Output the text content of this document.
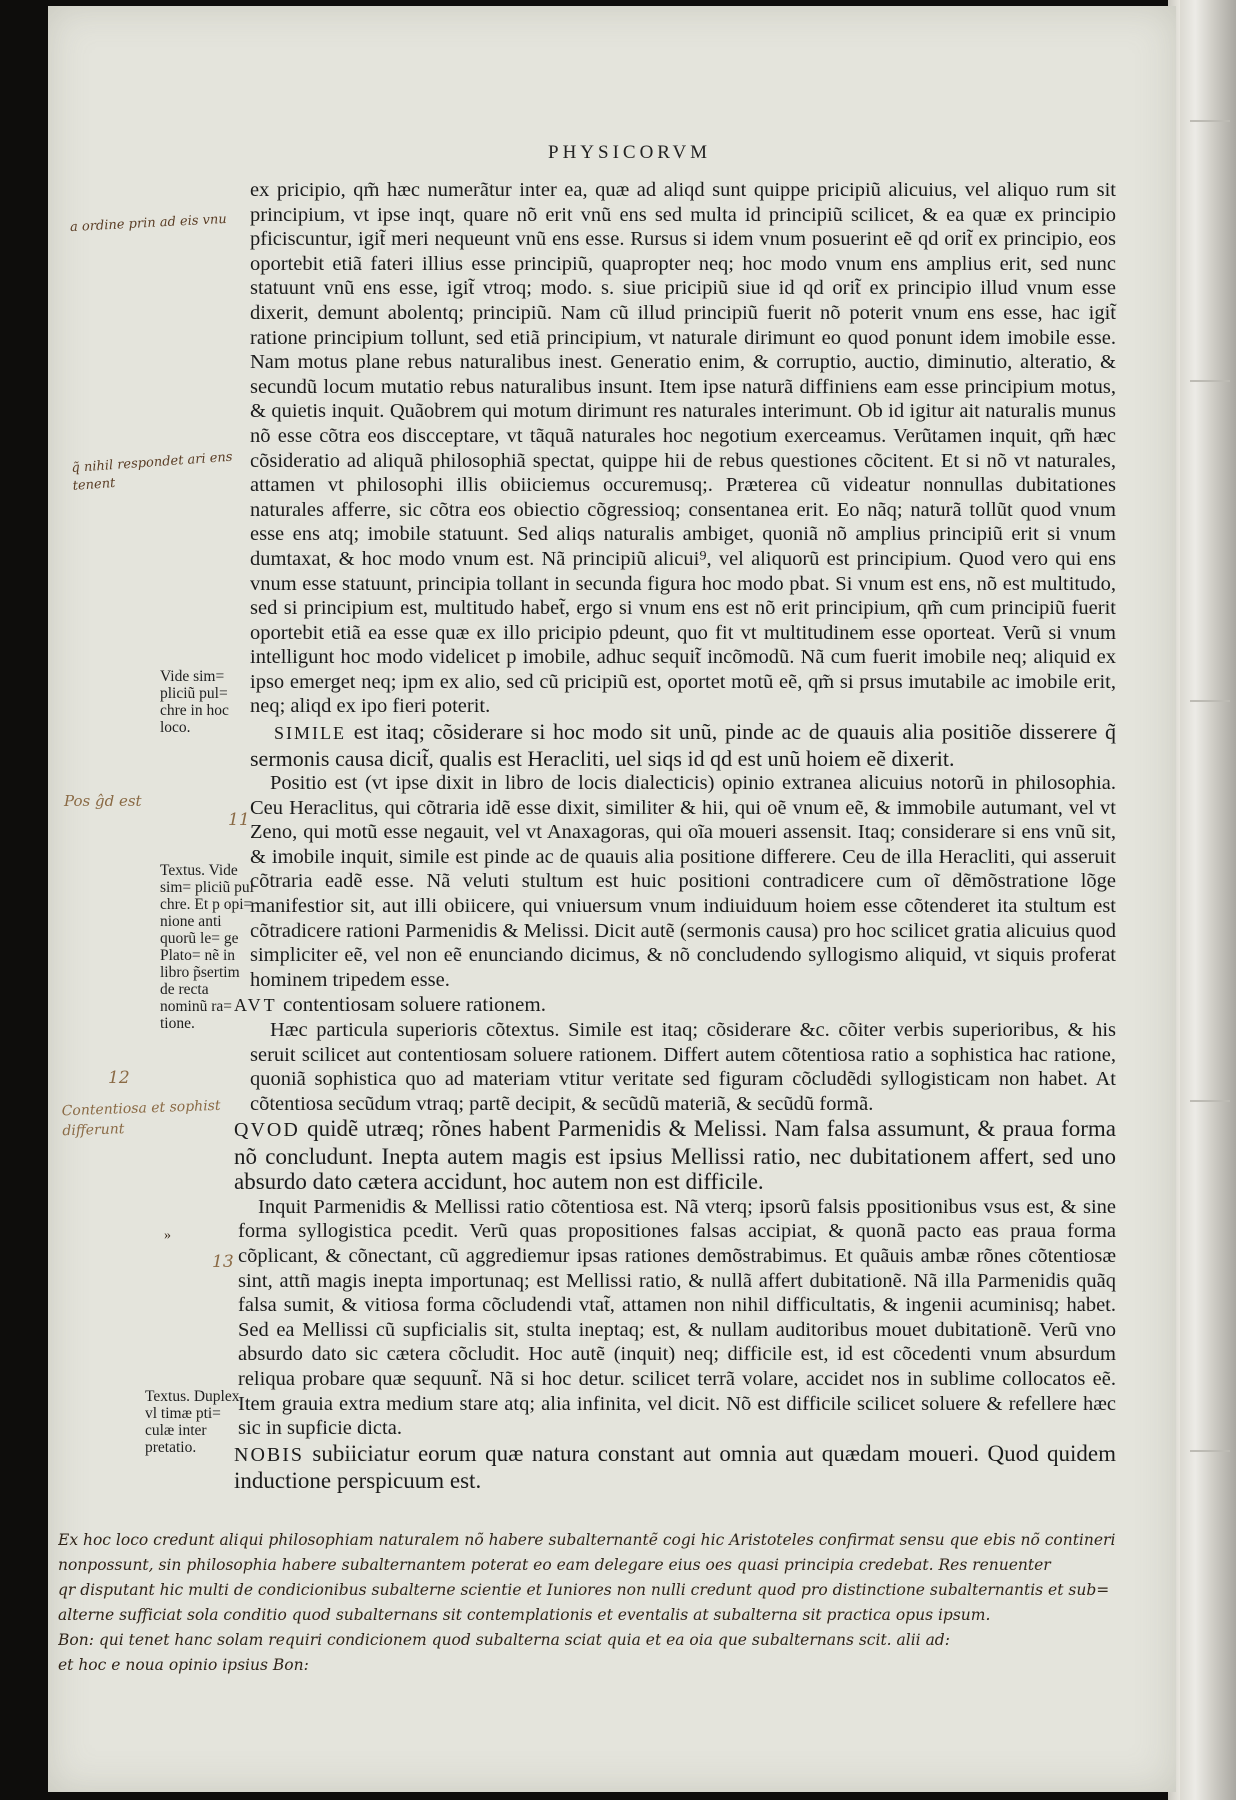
PHYSICORVM

ex pricipio, qm̃ hæc numerãtur inter ea, quæ ad aliqd sunt quippe pricipiũ alicuius, vel aliquo rum sit principium, vt ipse inqt, quare nõ erit vnũ ens sed multa id principiũ scilicet, & ea quæ ex principio pficiscuntur, igit̃ meri nequeunt vnũ ens esse. Rursus si idem vnum posuerint eẽ qd orit̃ ex principio, eos oportebit etiã fateri illius esse principiũ, quapropter neq; hoc modo vnum ens amplius erit, sed nunc statuunt vnũ ens esse, igit̃ vtroq; modo. s. siue pricipiũ siue id qd orit̃ ex principio illud vnum esse dixerit, demunt abolentq; principiũ. Nam cũ illud principiũ fuerit nõ poterit vnum ens esse, hac igit̃ ratione principium tollunt, sed etiã principium, vt naturale dirimunt eo quod ponunt idem imobile esse. Nam motus plane rebus naturalibus inest. Generatio enim, & corruptio, auctio, diminutio, alteratio, & secundũ locum mutatio rebus naturalibus insunt. Item ipse naturã diffiniens eam esse principium motus, & quietis inquit. Quãobrem qui motum dirimunt res naturales interimunt. Ob id igitur ait naturalis munus nõ esse cõtra eos discceptare, vt tãquã naturales hoc negotium exerceamus. Verũtamen inquit, qm̃ hæc cõsideratio ad aliquã philosophiã spectat, quippe hii de rebus questiones cõcitent. Et si nõ vt naturales, attamen vt philosophi illis obiiciemus occuremusq;. Præterea cũ videatur nonnullas dubitationes naturales afferre, sic cõtra eos obiectio cõgressioq; consentanea erit. Eo nãq; naturã tollũt quod vnum esse ens atq; imobile statuunt. Sed aliqs naturalis ambiget, quoniã nõ amplius principiũ erit si vnum dumtaxat, & hoc modo vnum est. Nã principiũ alicui⁹, vel aliquorũ est principium. Quod vero qui ens vnum esse statuunt, principia tollant in secunda figura hoc modo pbat. Si vnum est ens, nõ est multitudo, sed si principium est, multitudo habet̃, ergo si vnum ens est nõ erit principium, qm̃ cum principiũ fuerit oportebit etiã ea esse quæ ex illo pricipio pdeunt, quo fit vt multitudinem esse oporteat. Verũ si vnum intelligunt hoc modo videlicet p imobile, adhuc sequit̃ incõmodũ. Nã cum fuerit imobile neq; aliquid ex ipso emerget neq; ipm ex alio, sed cũ pricipiũ est, oportet motũ eẽ, qm̃ si prsus imutabile ac imobile erit, neq; aliqd ex ipo fieri poterit.

SIMILE est itaq; cõsiderare si hoc modo sit unũ, pinde ac de quauis alia positiõe disserere q̃ sermonis causa dicit̃, qualis est Heracliti, uel siqs id qd est unũ hoiem eẽ dixerit.

Positio est (vt ipse dixit in libro de locis dialecticis) opinio extranea alicuius notorũ in philosophia. Ceu Heraclitus, qui cõtraria idẽ esse dixit, similiter & hii, qui oẽ vnum eẽ, & immobile autumant, vel vt Zeno, qui motũ esse negauit, vel vt Anaxagoras, qui oĩa moueri assensit. Itaq; considerare si ens vnũ sit, & imobile inquit, simile est pinde ac de quauis alia positione differere. Ceu de illa Heracliti, qui asseruit cõtraria eadẽ esse. Nã veluti stultum est huic positioni contradicere cum oĩ dẽmõstratione lõge manifestior sit, aut illi obiicere, qui vniuersum vnum indiuiduum hoiem esse cõtenderet ita stultum est cõtradicere rationi Parmenidis & Melissi. Dicit autẽ (sermonis causa) pro hoc scilicet gratia alicuius quod simpliciter eẽ, vel non eẽ enunciando dicimus, & nõ concludendo syllogismo aliquid, vt siquis proferat hominem tripedem esse.

AVT contentiosam soluere rationem.

Hæc particula superioris cõtextus. Simile est itaq; cõsiderare &c. cõiter verbis superioribus, & his seruit scilicet aut contentiosam soluere rationem. Differt autem cõtentiosa ratio a sophistica hac ratione, quoniã sophistica quo ad materiam vtitur veritate sed figuram cõcludẽdi syllogisticam non habet. At cõtentiosa secũdum vtraq; partẽ decipit, & secũdũ materiã, & secũdũ formã.

QVOD quidẽ utræq; rõnes habent Parmenidis & Melissi. Nam falsa assumunt, & praua forma nõ concludunt. Inepta autem magis est ipsius Mellissi ratio, nec dubitationem affert, sed uno absurdo dato cætera accidunt, hoc autem non est difficile.

Inquit Parmenidis & Mellissi ratio cõtentiosa est. Nã vterq; ipsorũ falsis ppositionibus vsus est, & sine forma syllogistica pcedit. Verũ quas propositiones falsas accipiat, & quonã pacto eas praua forma cõplicant, & cõnectant, cũ aggrediemur ipsas rationes demõstrabimus. Et quãuis ambæ rõnes cõtentiosæ sint, attñ magis inepta importunaq; est Mellissi ratio, & nullã affert dubitationẽ. Nã illa Parmenidis quãq falsa sumit, & vitiosa forma cõcludendi vtat̃, attamen non nihil difficultatis, & ingenii acuminisq; habet. Sed ea Mellissi cũ supficialis sit, stulta ineptaq; est, & nullam auditoribus mouet dubitationẽ. Verũ vno absurdo dato sic cætera cõcludit. Hoc autẽ (inquit) neq; difficile est, id est cõcedenti vnum absurdum reliqua probare quæ sequunt̃. Nã si hoc detur. scilicet terrã volare, accidet nos in sublime collocatos eẽ. Item grauia extra medium stare atq; alia infinita, vel dicit. Nõ est difficile scilicet soluere & refellere hæc sic in supficie dicta.

NOBIS subiiciatur eorum quæ natura constant aut omnia aut quædam moueri. Quod quidem inductione perspicuum est.

Vide sim= pliciũ pul= chre in hoc loco.
Textus. Vide sim= pliciũ pul chre. Et p opi= nione anti quorũ le= ge Plato= nẽ in libro p̃sertim de recta nominũ ra= tione.
Textus. Duplex vl timæ pti= culæ inter pretatio.
11
12
13
a ordine prin ad eis vnu
q̃ nihil respondet ari ens tenent
Pos ĝd est
Contentiosa et sophist differunt
»
Ex hoc loco credunt aliqui philosophiam naturalem nõ habere subalternantẽ cogi hic Aristoteles confirmat sensu que ebis nõ contineri
nonpossunt, sin philosophia habere subalternantem poterat eo eam delegare eius oes quasi principia credebat. Res renuenter
qr disputant hic multi de condicionibus subalterne scientie et Iuniores non nulli credunt quod pro distinctione subalternantis et sub=
alterne sufficiat sola conditio quod subalternans sit contemplationis et eventalis at subalterna sit practica opus ipsum.
Bon: qui tenet hanc solam requiri condicionem quod subalterna sciat quia et ea oia que subalternans scit. alii ad:
et hoc e noua opinio ipsius Bon:
